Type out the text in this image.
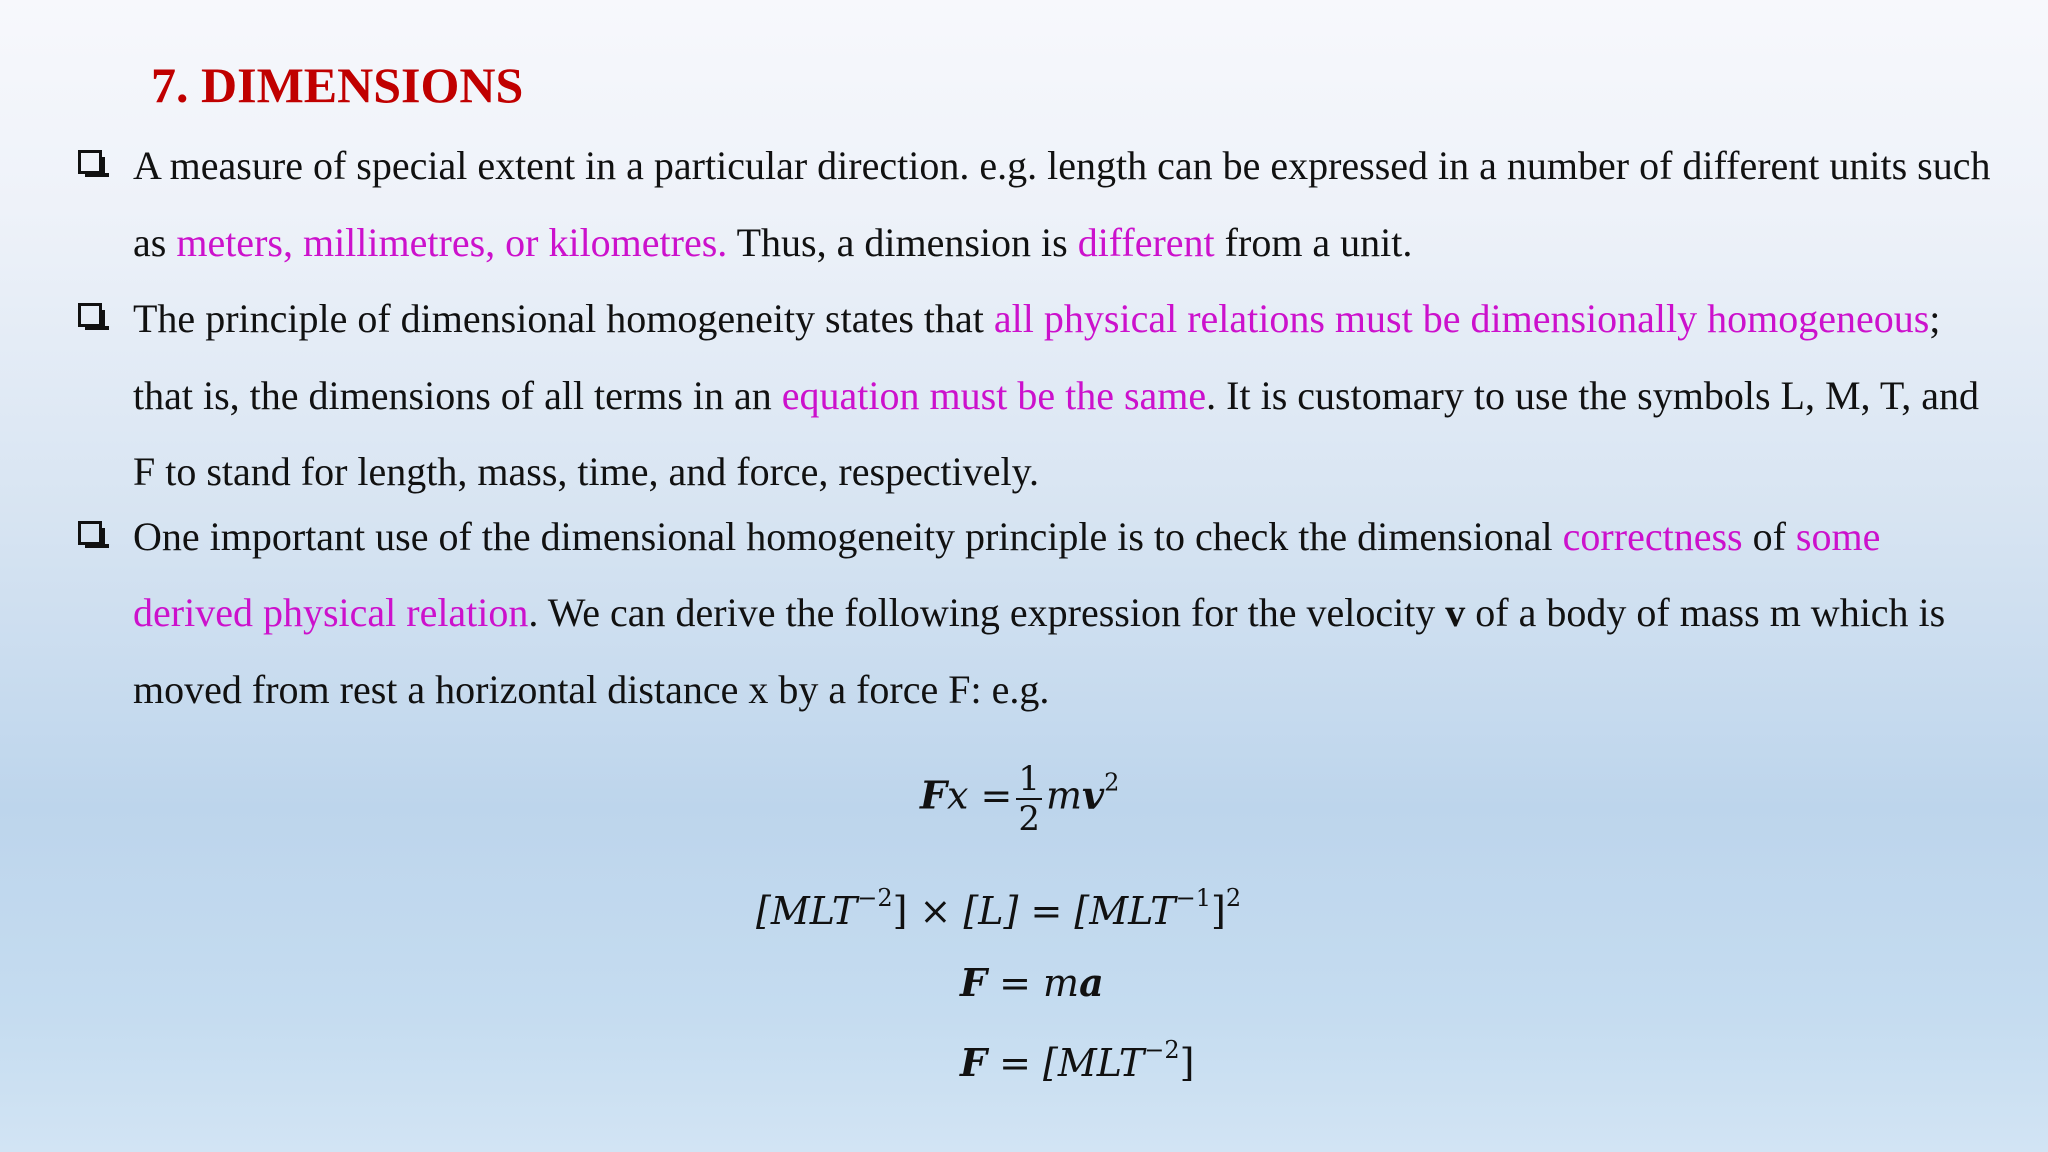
7. DIMENSIONS
A measure of special extent in a particular direction. e.g. length can be expressed in a number of different units such as meters, millimetres, or kilometres. Thus, a dimension is different from a unit.
The principle of dimensional homogeneity states that all physical relations must be dimensionally homogeneous; that is, the dimensions of all terms in an equation must be the same. It is customary to use the symbols L, M, T, and F to stand for length, mass, time, and force, respectively.
One important use of the dimensional homogeneity principle is to check the dimensional correctness of some derived physical relation. We can derive the following expression for the velocity v of a body of mass m which is moved from rest a horizontal distance x by a force F: e.g.
$Fx = \frac{1}{2} mv^2$
$[MLT^{-2}] \times [L] = [MLT^{-1}]^2$
F = ma
$F = [MLT^{-2}]$
